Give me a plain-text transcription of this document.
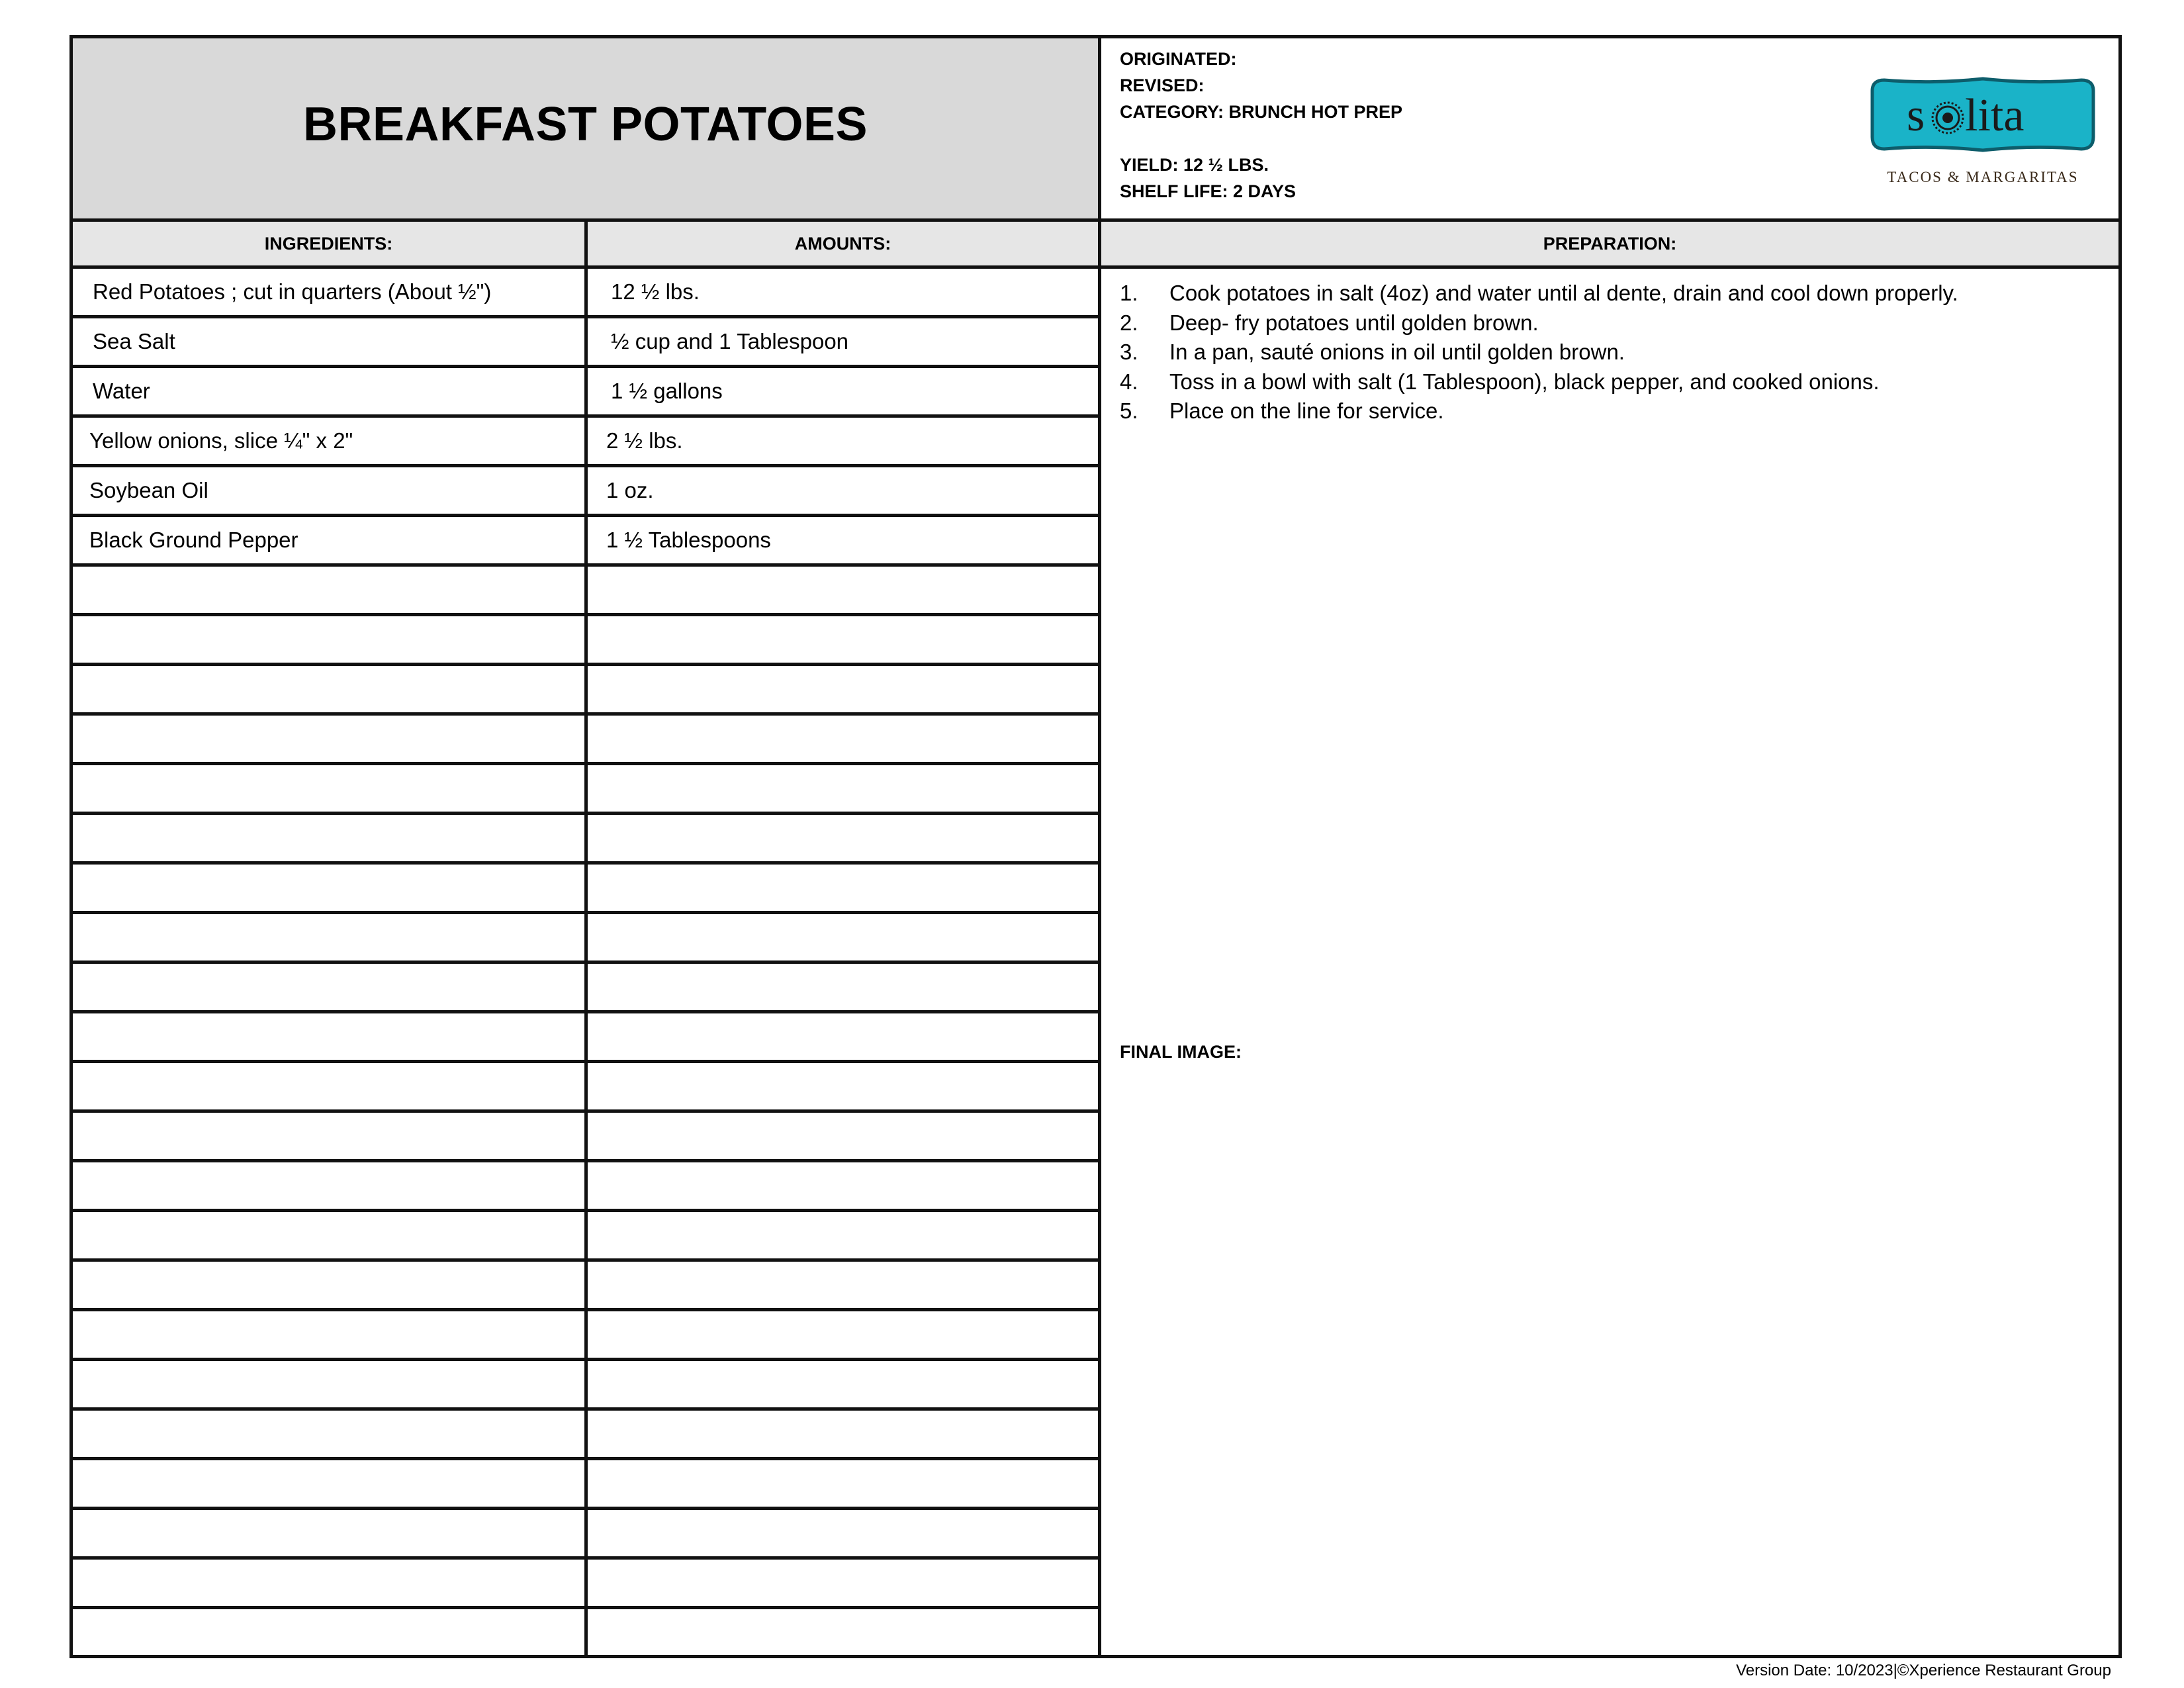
BREAKFAST POTATOES
ORIGINATED:
REVISED:
CATEGORY: BRUNCH HOT PREP
YIELD: 12 ½ LBS.
SHELF LIFE: 2 DAYS
s lita
TACOS & MARGARITAS
INGREDIENTS:	AMOUNTS:	PREPARATION:
Red Potatoes ; cut in quarters (About ½")	12 ½ lbs.
Sea Salt	½ cup and 1 Tablespoon
Water	1 ½ gallons
Yellow onions, slice ¼" x 2"	2 ½ lbs.
Soybean Oil	1 oz.
Black Ground Pepper	1 ½ Tablespoons
1. Cook potatoes in salt (4oz) and water until al dente, drain and cool down properly.
2. Deep- fry potatoes until golden brown.
3. In a pan, sauté onions in oil until golden brown.
4. Toss in a bowl with salt (1 Tablespoon), black pepper, and cooked onions.
5. Place on the line for service.
FINAL IMAGE:
Version Date: 10/2023|©Xperience Restaurant Group
